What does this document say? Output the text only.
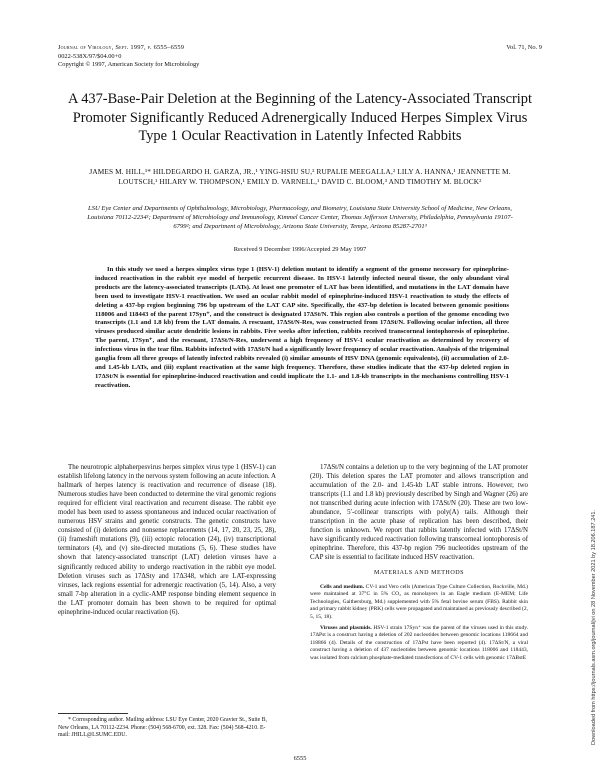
Journal of Virology, Sept. 1997, p. 6555–6559
0022-538X/97/$04.00+0
Copyright © 1997, American Society for Microbiology
Vol. 71, No. 9
A 437-Base-Pair Deletion at the Beginning of the Latency-Associated Transcript Promoter Significantly Reduced Adrenergically Induced Herpes Simplex Virus Type 1 Ocular Reactivation in Latently Infected Rabbits
JAMES M. HILL,¹* HILDEGARDO H. GARZA, JR.,¹ YING-HSIU SU,² RUPALIE MEEGALLA,² LILY A. HANNA,¹ JEANNETTE M. LOUTSCH,¹ HILARY W. THOMPSON,¹ EMILY D. VARNELL,¹ DAVID C. BLOOM,³ AND TIMOTHY M. BLOCK²
LSU Eye Center and Departments of Ophthalmology, Microbiology, Pharmacology, and Biometry, Louisiana State University School of Medicine, New Orleans, Louisiana 70112-2234¹; Department of Microbiology and Immunology, Kimmel Cancer Center, Thomas Jefferson University, Philadelphia, Pennsylvania 19107-6799²; and Department of Microbiology, Arizona State University, Tempe, Arizona 85287-2701³
Received 9 December 1996/Accepted 29 May 1997
In this study we used a herpes simplex virus type 1 (HSV-1) deletion mutant to identify a segment of the genome necessary for epinephrine-induced reactivation in the rabbit eye model of herpetic recurrent disease. In HSV-1 latently infected neural tissue, the only abundant viral products are the latency-associated transcripts (LATs). At least one promoter of LAT has been identified, and mutations in the LAT domain have been used to investigate HSV-1 reactivation. We used an ocular rabbit model of epinephrine-induced HSV-1 reactivation to study the effects of deleting a 437-bp region beginning 796 bp upstream of the LAT CAP site. Specifically, the 437-bp deletion is located between genomic positions 118006 and 118443 of the parent 17Syn⁺, and the construct is designated 17ΔSt/N. This region also controls a portion of the genome encoding two transcripts (1.1 and 1.8 kb) from the LAT domain. A rescuant, 17ΔSt/N-Res, was constructed from 17ΔSt/N. Following ocular infection, all three viruses produced similar acute dendritic lesions in rabbits. Five weeks after infection, rabbits received transcorneal iontophoresis of epinephrine. The parent, 17Syn⁺, and the rescuant, 17ΔSt/N-Res, underwent a high frequency of HSV-1 ocular reactivation as determined by recovery of infectious virus in the tear film. Rabbits infected with 17ΔSt/N had a significantly lower frequency of ocular reactivation. Analysis of the trigeminal ganglia from all three groups of latently infected rabbits revealed (i) similar amounts of HSV DNA (genomic equivalents), (ii) accumulation of 2.0- and 1.45-kb LATs, and (iii) explant reactivation at the same high frequency. Therefore, these studies indicate that the 437-bp deleted region in 17ΔSt/N is essential for epinephrine-induced reactivation and could implicate the 1.1- and 1.8-kb transcripts in the mechanisms controlling HSV-1 reactivation.

The neurotropic alphaherpesvirus herpes simplex virus type 1 (HSV-1) can establish lifelong latency in the nervous system following an acute infection. A hallmark of herpes latency is reactivation and recurrence of disease (18). Numerous studies have been conducted to determine the viral genomic regions required for efficient viral reactivation and recurrent disease. The rabbit eye model has been used to assess spontaneous and induced ocular reactivation of numerous HSV strains and genetic constructs. The genetic constructs have consisted of (i) deletions and nonsense replacements (14, 17, 20, 23, 25, 28), (ii) frameshift mutations (9), (iii) ectopic relocation (24), (iv) transcriptional terminators (4), and (v) site-directed mutations (5, 6). These studies have shown that latency-associated transcript (LAT) deletion viruses have a significantly reduced ability to undergo reactivation in the rabbit eye model. Deletion viruses such as 17ΔSty and 17Δ348, which are LAT-expressing viruses, lack regions essential for adrenergic reactivation (5, 14). Also, a very small 7-bp alteration in a cyclic-AMP response binding element sequence in the LAT promoter domain has been shown to be required for optimal epinephrine-induced ocular reactivation (6).

17ΔSt/N contains a deletion up to the very beginning of the LAT promoter (20). This deletion spares the LAT promoter and allows transcription and accumulation of the 2.0- and 1.45-kb LAT stable introns. However, two transcripts (1.1 and 1.8 kb) previously described by Singh and Wagner (26) are not transcribed during acute infection with 17ΔSt/N (20). These are two low-abundance, 5′-collinear transcripts with poly(A) tails. Although their transcription in the acute phase of replication has been described, their function is unknown. We report that rabbits latently infected with 17ΔSt/N have significantly reduced reactivation following transcorneal iontophoresis of epinephrine. Therefore, this 437-bp region 796 nucleotides upstream of the CAP site is essential to facilitate induced HSV reactivation.

MATERIALS AND METHODS

Cells and medium. CV-1 and Vero cells (American Type Culture Collection, Rockville, Md.) were maintained at 37°C in 5% CO₂ as monolayers in an Eagle medium (E-MEM; Life Technologies, Gaithersburg, Md.) supplemented with 5% fetal bovine serum (FBS). Rabbit skin and primary rabbit kidney (PRK) cells were propagated and maintained as previously described (2, 5, 15, 18).

Viruses and plasmids. HSV-1 strain 17Syn⁺ was the parent of the viruses used in this study. 17ΔPst is a construct having a deletion of 202 nucleotides between genomic locations 118664 and 118866 (4). Details of the construction of 17ΔPst have been reported (4). 17ΔSt/N, a viral construct having a deletion of 437 nucleotides between genomic locations 118006 and 118443, was isolated from calcium phosphate-mediated transfections of CV-1 cells with genomic 17ΔBstE

* Corresponding author. Mailing address: LSU Eye Center, 2020 Gravier St., Suite B, New Orleans, LA 70112-2234. Phone: (504) 568-6700, ext. 328. Fax: (504) 568-4210. E-mail: JHILL@LSUMC.EDU.
6555
Downloaded from https://journals.asm.org/journal/jvi on 28 November 2021 by 18.206.187.241.
